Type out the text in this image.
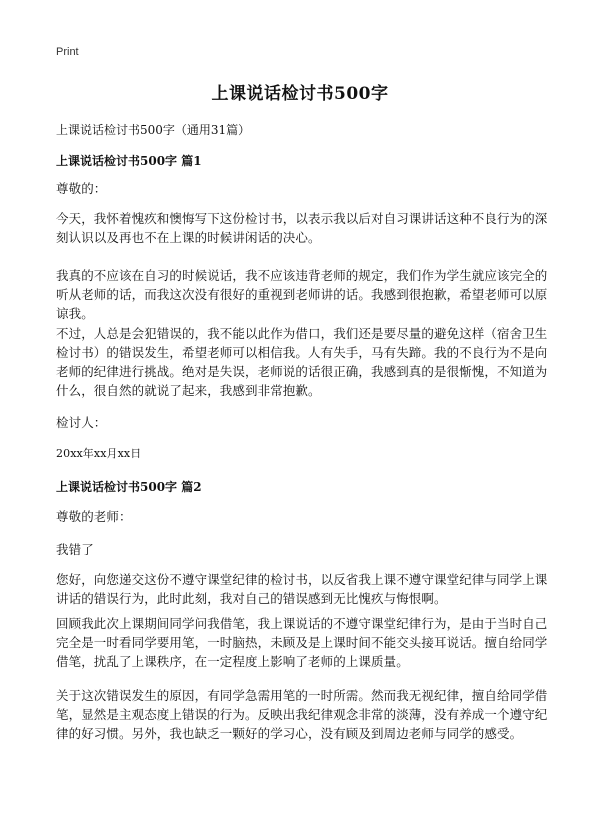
Print
上课说话检讨书500字
上课说话检讨书500字（通用31篇）
上课说话检讨书500字 篇1
尊敬的：
今天，我怀着愧疚和懊悔写下这份检讨书，以表示我以后对自习课讲话这种不良行为的深刻认识以及再也不在上课的时候讲闲话的决心。
我真的不应该在自习的时候说话，我不应该违背老师的规定，我们作为学生就应该完全的听从老师的话，而我这次没有很好的重视到老师讲的话。我感到很抱歉，希望老师可以原谅我。
不过，人总是会犯错误的，我不能以此作为借口，我们还是要尽量的避免这样（宿舍卫生检讨书）的错误发生，希望老师可以相信我。人有失手，马有失蹄。我的不良行为不是向老师的纪律进行挑战。绝对是失误，老师说的话很正确，我感到真的是很惭愧，不知道为什么，很自然的就说了起来，我感到非常抱歉。
检讨人：
20xx年xx月xx日
上课说话检讨书500字 篇2
尊敬的老师：
我错了
您好，向您递交这份不遵守课堂纪律的检讨书，以反省我上课不遵守课堂纪律与同学上课讲话的错误行为，此时此刻，我对自己的错误感到无比愧疚与悔恨啊。
回顾我此次上课期间同学问我借笔，我上课说话的不遵守课堂纪律行为，是由于当时自己完全是一时看同学要用笔，一时脑热，未顾及是上课时间不能交头接耳说话。擅自给同学借笔，扰乱了上课秩序，在一定程度上影响了老师的上课质量。
关于这次错误发生的原因，有同学急需用笔的一时所需。然而我无视纪律，擅自给同学借笔，显然是主观态度上错误的行为。反映出我纪律观念非常的淡薄，没有养成一个遵守纪律的好习惯。另外，我也缺乏一颗好的学习心，没有顾及到周边老师与同学的感受。
